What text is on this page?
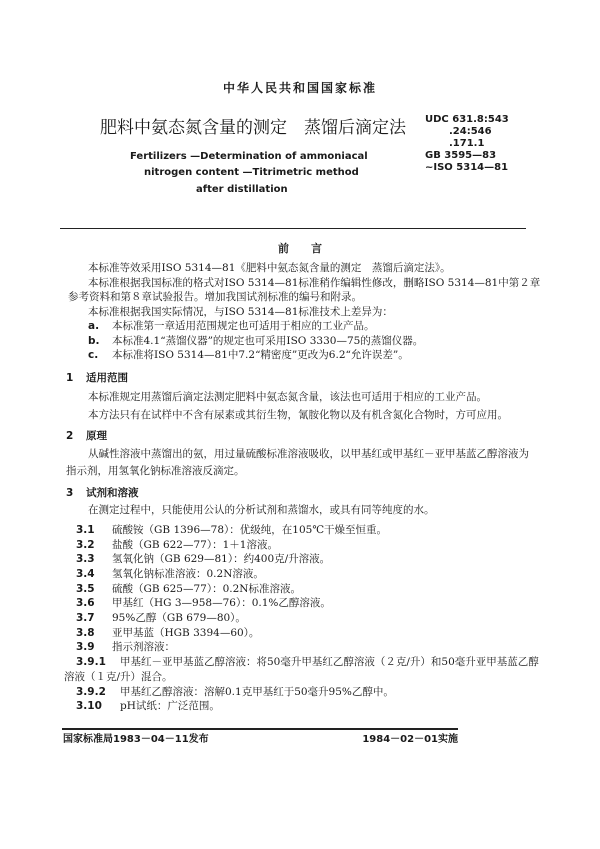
中华人民共和国国家标准
肥料中氨态氮含量的测定　蒸馏后滴定法
Fertilizers —Determination of ammoniacal
nitrogen content —Titrimetric method
after distillation
UDC 631.8:543
.24:546
.171.1
GB 3595—83
~ISO 5314—81
前　　言
本标准等效采用ISO 5314—81《肥料中氨态氮含量的测定　蒸馏后滴定法》。
本标准根据我国标准的格式对ISO 5314—81标准稍作编辑性修改，删略ISO 5314—81中第２章
参考资料和第８章试验报告。增加我国试剂标准的编号和附录。
本标准根据我国实际情况，与ISO 5314—81标准技术上差异为：
a. 本标准第一章适用范围规定也可适用于相应的工业产品。
b. 本标准4.1“蒸馏仪器”的规定也可采用ISO 3330—75的蒸馏仪器。
c. 本标准将ISO 5314—81中7.2“精密度”更改为6.2“允许误差”。
1 适用范围
本标准规定用蒸馏后滴定法测定肥料中氨态氮含量，该法也可适用于相应的工业产品。
本方法只有在试样中不含有尿素或其衍生物，氰胺化物以及有机含氮化合物时，方可应用。
2 原理
从碱性溶液中蒸馏出的氨，用过量硫酸标准溶液吸收，以甲基红或甲基红－亚甲基蓝乙醇溶液为
指示剂，用氢氧化钠标准溶液反滴定。
3 试剂和溶液
在测定过程中，只能使用公认的分析试剂和蒸馏水，或具有同等纯度的水。
3.1 硫酸铵（GB 1396—78）：优级纯，在105℃干燥至恒重。
3.2 盐酸（GB 622—77）：1＋1溶液。
3.3 氢氧化钠（GB 629—81）：约400克/升溶液。
3.4 氢氧化钠标准溶液：0.2N溶液。
3.5 硫酸（GB 625—77）：0.2N标准溶液。
3.6 甲基红（HG 3—958—76）：0.1%乙醇溶液。
3.7 95%乙醇（GB 679—80）。
3.8 亚甲基蓝（HGB 3394—60）。
3.9 指示剂溶液：
3.9.1 甲基红－亚甲基蓝乙醇溶液：将50毫升甲基红乙醇溶液（２克/升）和50毫升亚甲基蓝乙醇
溶液（１克/升）混合。
3.9.2 甲基红乙醇溶液：溶解0.1克甲基红于50毫升95%乙醇中。
3.10 pH试纸：广泛范围。
国家标准局1983－04－11发布	1984－02－01实施
